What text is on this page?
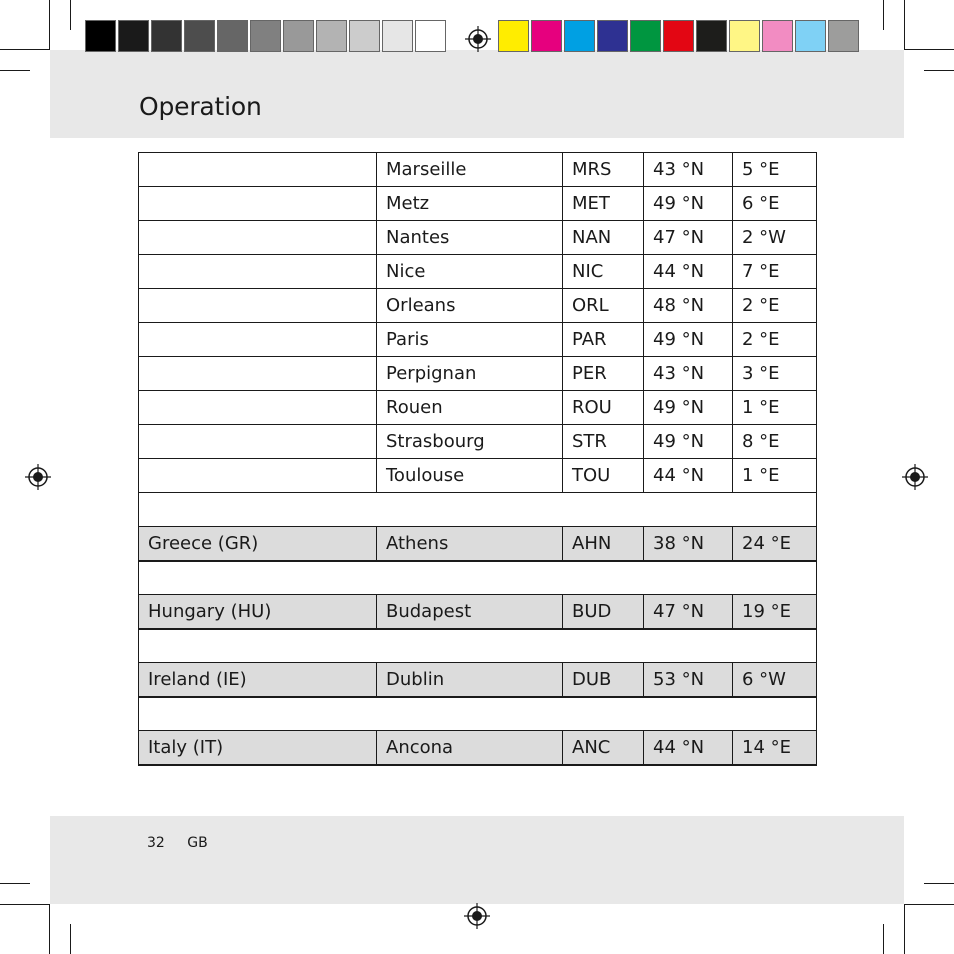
Operation
	Marseille	MRS	43 °N	5 °E
	Metz	MET	49 °N	6 °E
	Nantes	NAN	47 °N	2 °W
	Nice	NIC	44 °N	7 °E
	Orleans	ORL	48 °N	2 °E
	Paris	PAR	49 °N	2 °E
	Perpignan	PER	43 °N	3 °E
	Rouen	ROU	49 °N	1 °E
	Strasbourg	STR	49 °N	8 °E
	Toulouse	TOU	44 °N	1 °E

Greece (GR)	Athens	AHN	38 °N	24 °E

Hungary (HU)	Budapest	BUD	47 °N	19 °E

Ireland (IE)	Dublin	DUB	53 °N	6 °W

Italy (IT)	Ancona	ANC	44 °N	14 °E
32 GB
